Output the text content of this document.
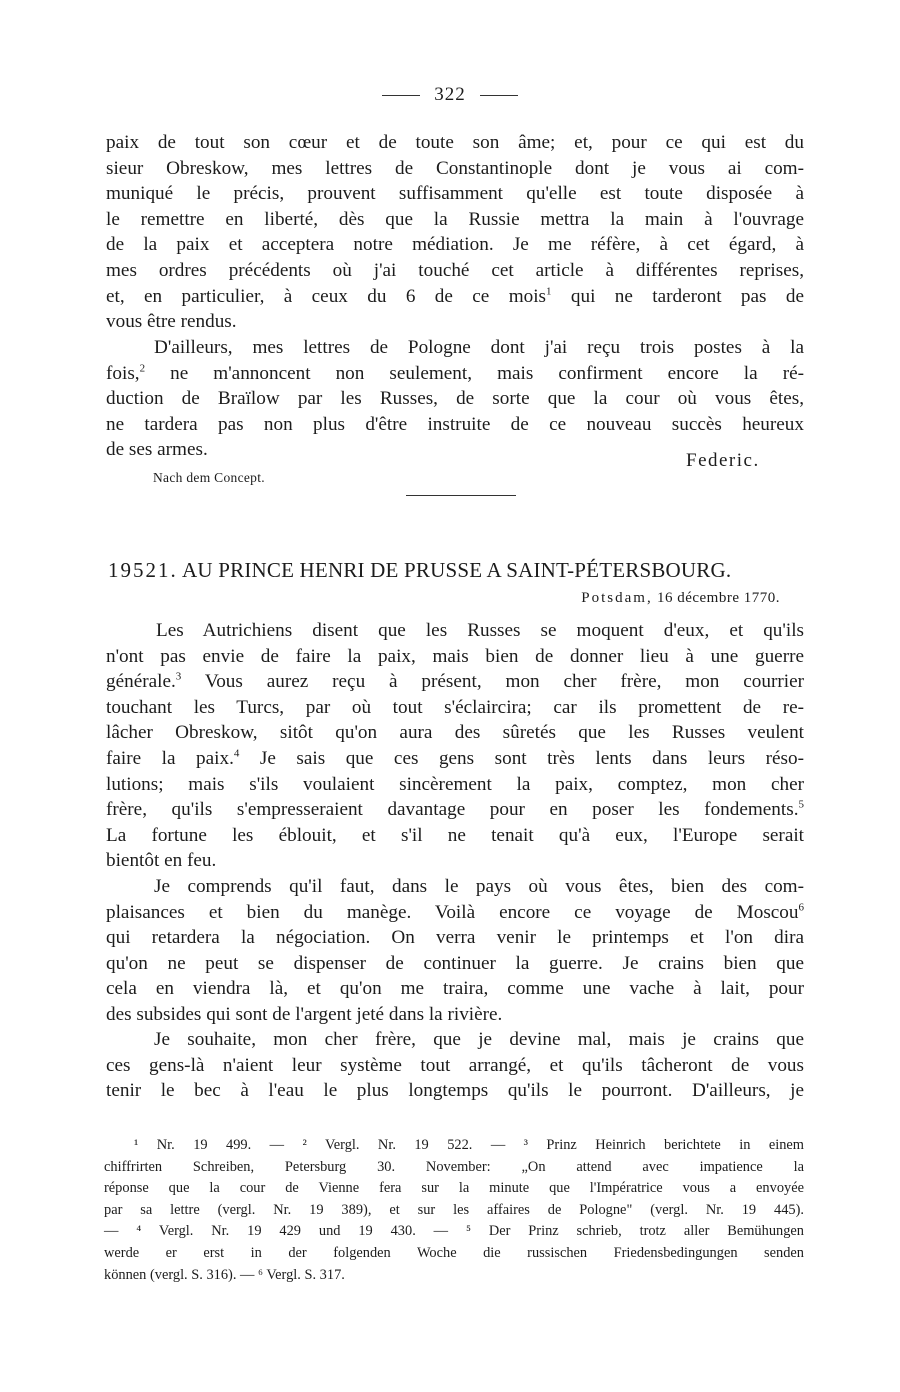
322
paix de tout son cœur et de toute son âme; et, pour ce qui est du
sieur Obreskow, mes lettres de Constantinople dont je vous ai com-
muniqué le précis, prouvent suffisamment qu'elle est toute disposée à
le remettre en liberté, dès que la Russie mettra la main à l'ouvrage
de la paix et acceptera notre médiation. Je me réfère, à cet égard, à
mes ordres précédents où j'ai touché cet article à différentes reprises,
et, en particulier, à ceux du 6 de ce mois$^1$ qui ne tarderont pas de
vous être rendus.
D'ailleurs, mes lettres de Pologne dont j'ai reçu trois postes à la
fois,$^2$ ne m'annoncent non seulement, mais confirment encore la ré-
duction de Braïlow par les Russes, de sorte que la cour où vous êtes,
ne tardera pas non plus d'être instruite de ce nouveau succès heureux
de ses armes.
Federic.
Nach dem Concept.
19521. AU PRINCE HENRI DE PRUSSE A SAINT-PÉTERSBOURG.
Potsdam, 16 décembre 1770.
Les Autrichiens disent que les Russes se moquent d'eux, et qu'ils
n'ont pas envie de faire la paix, mais bien de donner lieu à une guerre
générale.$^3$ Vous aurez reçu à présent, mon cher frère, mon courrier
touchant les Turcs, par où tout s'éclaircira; car ils promettent de re-
lâcher Obreskow, sitôt qu'on aura des sûretés que les Russes veulent
faire la paix.$^4$ Je sais que ces gens sont très lents dans leurs réso-
lutions; mais s'ils voulaient sincèrement la paix, comptez, mon cher
frère, qu'ils s'empresseraient davantage pour en poser les fondements.$^5$
La fortune les éblouit, et s'il ne tenait qu'à eux, l'Europe serait
bientôt en feu.
Je comprends qu'il faut, dans le pays où vous êtes, bien des com-
plaisances et bien du manège. Voilà encore ce voyage de Moscou$^6$
qui retardera la négociation. On verra venir le printemps et l'on dira
qu'on ne peut se dispenser de continuer la guerre. Je crains bien que
cela en viendra là, et qu'on me traira, comme une vache à lait, pour
des subsides qui sont de l'argent jeté dans la rivière.
Je souhaite, mon cher frère, que je devine mal, mais je crains que
ces gens-là n'aient leur système tout arrangé, et qu'ils tâcheront de vous
tenir le bec à l'eau le plus longtemps qu'ils le pourront. D'ailleurs, je
¹ Nr. 19 499. — ² Vergl. Nr. 19 522. — ³ Prinz Heinrich berichtete in einem
chiffrirten Schreiben, Petersburg 30. November: „On attend avec impatience la
réponse que la cour de Vienne fera sur la minute que l'Impératrice vous a envoyée
par sa lettre (vergl. Nr. 19 389), et sur les affaires de Pologne" (vergl. Nr. 19 445).
— ⁴ Vergl. Nr. 19 429 und 19 430. — ⁵ Der Prinz schrieb, trotz aller Bemühungen
werde er erst in der folgenden Woche die russischen Friedensbedingungen senden
können (vergl. S. 316). — ⁶ Vergl. S. 317.
